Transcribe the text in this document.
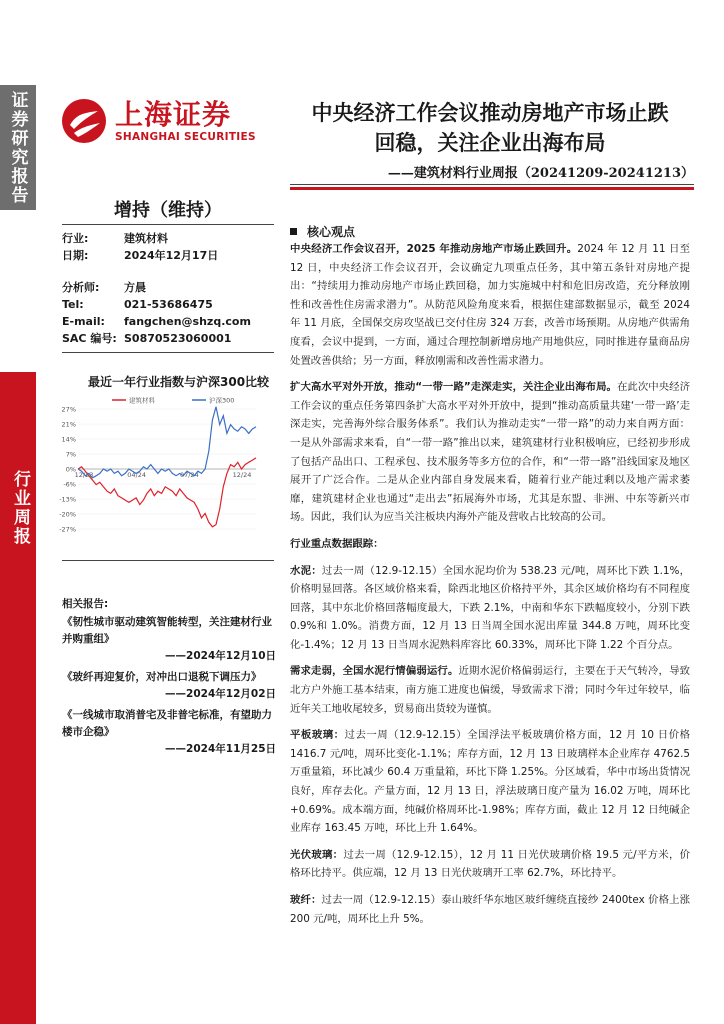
证券研究报告
行业周报
上海证券
SHANGHAI SECURITIES
中央经济工作会议推动房地产市场止跌
回稳，关注企业出海布局
——建筑材料行业周报（20241209-20241213）
增持（维持）
行业:	建筑材料
日期:	2024年12月17日
分析师:	方晨
Tel:	021-53686475
E-mail:	fangchen@shzq.com
SAC 编号: S0870523060001
最近一年行业指数与沪深300比较
27%
21%
14%
7%
0%
-6%
-13%
-20%
-27%
12/23	04/24	07/24	12/24
建筑材料	沪深300
相关报告:
《韧性城市驱动建筑智能转型，关注建材行业并购重组》
——2024年12月10日
《玻纤再迎复价，对冲出口退税下调压力》
——2024年12月02日
《一线城市取消普宅及非普宅标准，有望助力楼市企稳》
——2024年11月25日
核心观点

中央经济工作会议召开，2025 年推动房地产市场止跌回升。2024 年 12 月 11 日至 12 日，中央经济工作会议召开，会议确定九项重点任务，其中第五条针对房地产提出：“持续用力推动房地产市场止跌回稳，加力实施城中村和危旧房改造，充分释放刚性和改善性住房需求潜力”。从防范风险角度来看，根据住建部数据显示，截至 2024 年 11 月底，全国保交房攻坚战已交付住房 324 万套，改善市场预期。从房地产供需角度看，会议中提到，一方面，通过合理控制新增房地产用地供应，同时推进存量商品房处置改善供给；另一方面，释放刚需和改善性需求潜力。

扩大高水平对外开放，推动“一带一路”走深走实，关注企业出海布局。在此次中央经济工作会议的重点任务第四条扩大高水平对外开放中，提到“推动高质量共建‘一带一路’走深走实，完善海外综合服务体系”。我们认为推动走实“一带一路”的动力来自两方面：一是从外部需求来看，自“一带一路”推出以来，建筑建材行业积极响应，已经初步形成了包括产品出口、工程承包、技术服务等多方位的合作，和“一带一路”沿线国家及地区展开了广泛合作。二是从企业内部自身发展来看，随着行业产能过剩以及地产需求萎靡，建筑建材企业也通过“走出去”拓展海外市场，尤其是东盟、非洲、中东等新兴市场。因此，我们认为应当关注板块内海外产能及营收占比较高的公司。

行业重点数据跟踪：

水泥：过去一周（12.9-12.15）全国水泥均价为 538.23 元/吨，周环比下跌 1.1%，价格明显回落。各区域价格来看，除西北地区价格持平外，其余区域价格均有不同程度回落，其中东北价格回落幅度最大，下跌 2.1%，中南和华东下跌幅度较小，分别下跌 0.9%和 1.0%。消费方面，12 月 13 日当周全国水泥出库量 344.8 万吨，周环比变化-1.4%；12 月 13 日当周水泥熟料库容比 60.33%，周环比下降 1.22 个百分点。

需求走弱，全国水泥行情偏弱运行。近期水泥价格偏弱运行，主要在于天气转冷，导致北方户外施工基本结束，南方施工进度也偏缓，导致需求下滑；同时今年过年较早，临近年关工地收尾较多，贸易商出货较为谨慎。

平板玻璃：过去一周（12.9-12.15）全国浮法平板玻璃价格方面，12 月 10 日价格 1416.7 元/吨，周环比变化-1.1%；库存方面，12 月 13 日玻璃样本企业库存 4762.5 万重量箱，环比减少 60.4 万重量箱，环比下降 1.25%。分区域看，华中市场出货情况良好，库存去化。产量方面，12 月 13 日，浮法玻璃日度产量为 16.02 万吨，周环比+0.69%。成本端方面，纯碱价格周环比-1.98%；库存方面，截止 12 月 12 日纯碱企业库存 163.45 万吨，环比上升 1.64%。

光伏玻璃：过去一周（12.9-12.15），12 月 11 日光伏玻璃价格 19.5 元/平方米，价格环比持平。供应端，12 月 13 日光伏玻璃开工率 62.7%，环比持平。

玻纤：过去一周（12.9-12.15）泰山玻纤华东地区玻纤缠绕直接纱 2400tex 价格上涨 200 元/吨，周环比上升 5%。
